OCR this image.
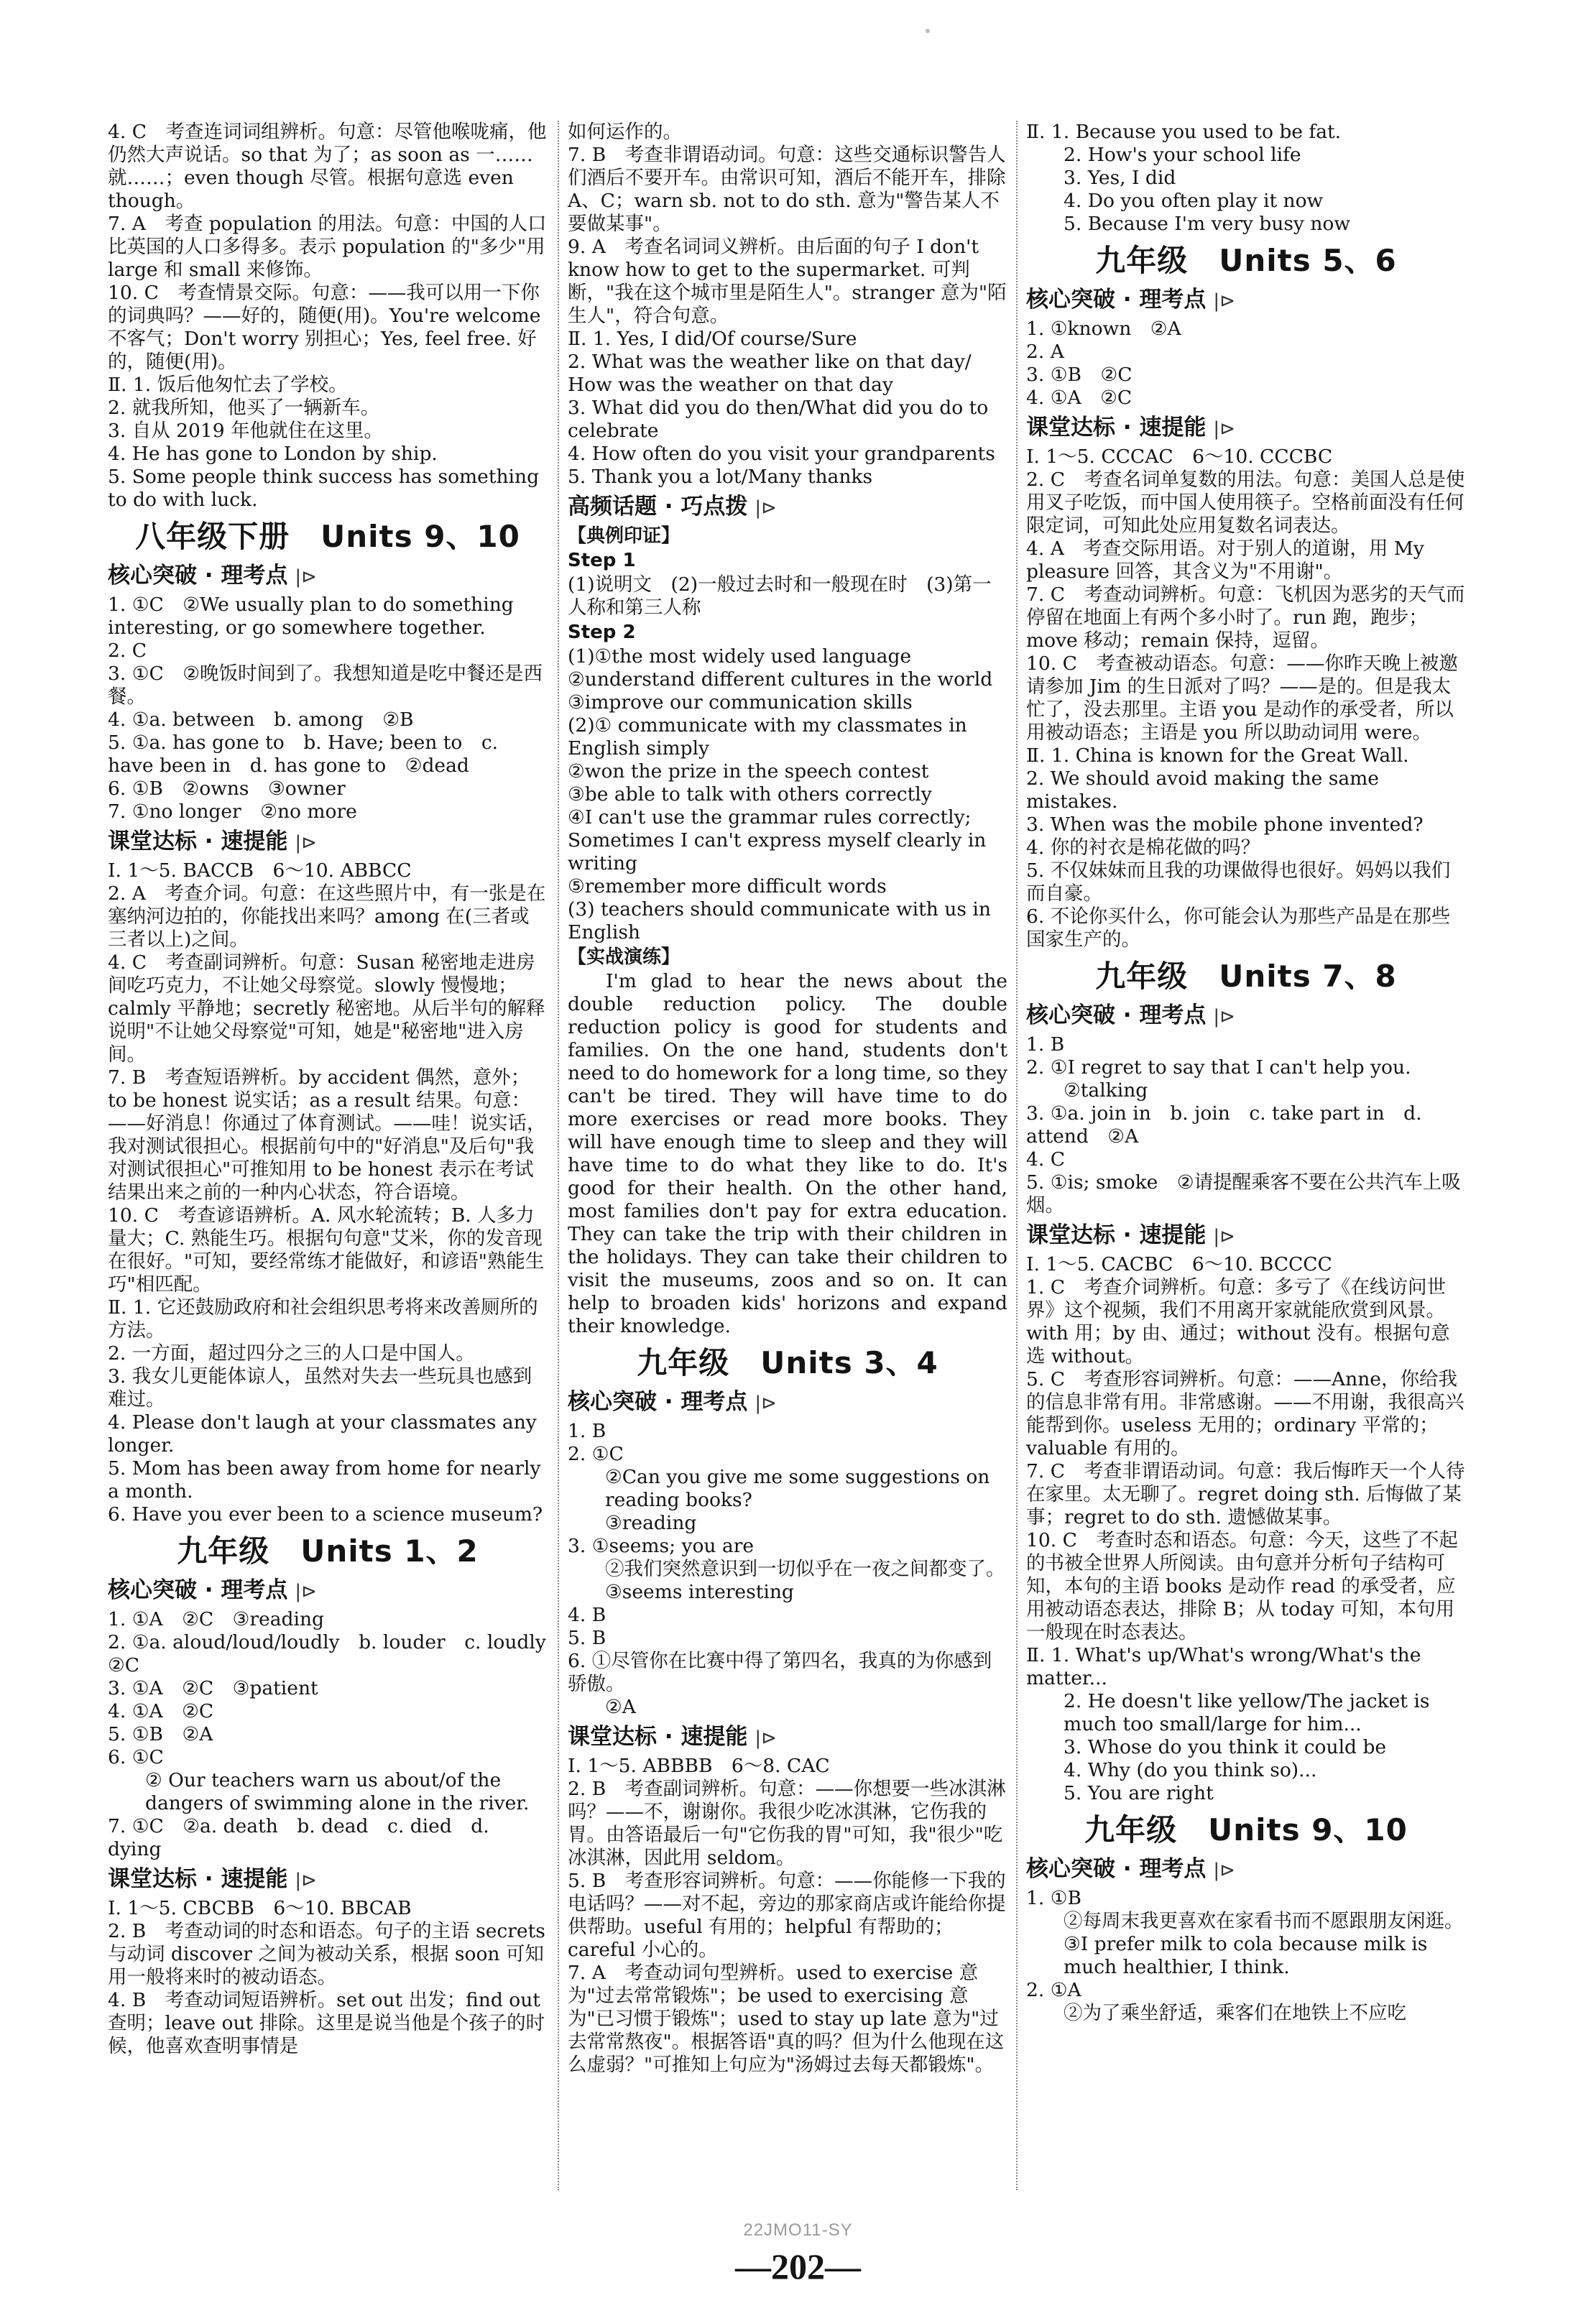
4. C　考查连词词组辨析。句意：尽管他喉咙痛，他仍然大声说话。so that 为了；as soon as 一……就……；even though 尽管。根据句意选 even though。
7. A　考查 population 的用法。句意：中国的人口比英国的人口多得多。表示 population 的"多少"用 large 和 small 来修饰。
10. C　考查情景交际。句意：——我可以用一下你的词典吗？——好的，随便(用)。You're welcome 不客气；Don't worry 别担心；Yes, feel free. 好的，随便(用)。
Ⅱ. 1. 饭后他匆忙去了学校。
2. 就我所知，他买了一辆新车。
3. 自从 2019 年他就住在这里。
4. He has gone to London by ship.
5. Some people think success has something to do with luck.
八年级下册　Units 9、10
核心突破 · 理考点 |⊳
1. ①C　②We usually plan to do something interesting, or go somewhere together.
2. C
3. ①C　②晚饭时间到了。我想知道是吃中餐还是西餐。
4. ①a. between　b. among　②B
5. ①a. has gone to　b. Have; been to　c. have been in　d. has gone to　②dead
6. ①B　②owns　③owner
7. ①no longer　②no more
课堂达标 · 速提能 |⊳
Ⅰ. 1～5. BACCB　6～10. ABBCC
2. A　考查介词。句意：在这些照片中，有一张是在塞纳河边拍的，你能找出来吗？among 在(三者或三者以上)之间。
4. C　考查副词辨析。句意：Susan 秘密地走进房间吃巧克力，不让她父母察觉。slowly 慢慢地；calmly 平静地；secretly 秘密地。从后半句的解释说明"不让她父母察觉"可知，她是"秘密地"进入房间。
7. B　考查短语辨析。by accident 偶然，意外；to be honest 说实话；as a result 结果。句意：——好消息！你通过了体育测试。——哇！说实话，我对测试很担心。根据前句中的"好消息"及后句"我对测试很担心"可推知用 to be honest 表示在考试结果出来之前的一种内心状态，符合语境。
10. C　考查谚语辨析。A. 风水轮流转；B. 人多力量大；C. 熟能生巧。根据句句意"艾米，你的发音现在很好。"可知，要经常练才能做好，和谚语"熟能生巧"相匹配。
Ⅱ. 1. 它还鼓励政府和社会组织思考将来改善厕所的方法。
2. 一方面，超过四分之三的人口是中国人。
3. 我女儿更能体谅人，虽然对失去一些玩具也感到难过。
4. Please don't laugh at your classmates any longer.
5. Mom has been away from home for nearly a month.
6. Have you ever been to a science museum?
九年级　Units 1、2
核心突破 · 理考点 |⊳
1. ①A　②C　③reading
2. ①a. aloud/loud/loudly　b. louder　c. loudly　②C
3. ①A　②C　③patient
4. ①A　②C
5. ①B　②A
6. ①C
② Our teachers warn us about/of the dangers of swimming alone in the river.
7. ①C　②a. death　b. dead　c. died　d. dying
课堂达标 · 速提能 |⊳
Ⅰ. 1～5. CBCBB　6～10. BBCAB
2. B　考查动词的时态和语态。句子的主语 secrets 与动词 discover 之间为被动关系，根据 soon 可知用一般将来时的被动语态。
4. B　考查动词短语辨析。set out 出发；find out 查明；leave out 排除。这里是说当他是个孩子的时候，他喜欢查明事情是
如何运作的。
7. B　考查非谓语动词。句意：这些交通标识警告人们酒后不要开车。由常识可知，酒后不能开车，排除 A、C；warn sb. not to do sth. 意为"警告某人不要做某事"。
9. A　考查名词词义辨析。由后面的句子 I don't know how to get to the supermarket. 可判断，"我在这个城市里是陌生人"。stranger 意为"陌生人"，符合句意。
Ⅱ. 1. Yes, I did/Of course/Sure
2. What was the weather like on that day/ How was the weather on that day
3. What did you do then/What did you do to celebrate
4. How often do you visit your grandparents
5. Thank you a lot/Many thanks
高频话题 · 巧点拨 |⊳
【典例印证】
Step 1
(1)说明文　(2)一般过去时和一般现在时　(3)第一人称和第三人称
Step 2
(1)①the most widely used language
②understand different cultures in the world
③improve our communication skills
(2)① communicate with my classmates in English simply
②won the prize in the speech contest
③be able to talk with others correctly
④I can't use the grammar rules correctly; Sometimes I can't express myself clearly in writing
⑤remember more difficult words
(3) teachers should communicate with us in English
【实战演练】
I'm glad to hear the news about the double reduction policy. The double reduction policy is good for students and families. On the one hand, students don't need to do homework for a long time, so they can't be tired. They will have time to do more exercises or read more books. They will have enough time to sleep and they will have time to do what they like to do. It's good for their health. On the other hand, most families don't pay for extra education. They can take the trip with their children in the holidays. They can take their children to visit the museums, zoos and so on. It can help to broaden kids' horizons and expand their knowledge.
九年级　Units 3、4
核心突破 · 理考点 |⊳
1. B
2. ①C
②Can you give me some suggestions on reading books?
③reading
3. ①seems; you are
②我们突然意识到一切似乎在一夜之间都变了。
③seems interesting
4. B
5. B
6. ①尽管你在比赛中得了第四名，我真的为你感到骄傲。
②A
课堂达标 · 速提能 |⊳
Ⅰ. 1～5. ABBBB　6～8. CAC
2. B　考查副词辨析。句意：——你想要一些冰淇淋吗？——不，谢谢你。我很少吃冰淇淋，它伤我的胃。由答语最后一句"它伤我的胃"可知，我"很少"吃冰淇淋，因此用 seldom。
5. B　考查形容词辨析。句意：——你能修一下我的电话吗？——对不起，旁边的那家商店或许能给你提供帮助。useful 有用的；helpful 有帮助的；careful 小心的。
7. A　考查动词句型辨析。used to exercise 意为"过去常常锻炼"；be used to exercising 意为"已习惯于锻炼"；used to stay up late 意为"过去常常熬夜"。根据答语"真的吗？但为什么他现在这么虚弱？"可推知上句应为"汤姆过去每天都锻炼"。
Ⅱ. 1. Because you used to be fat.
2. How's your school life
3. Yes, I did
4. Do you often play it now
5. Because I'm very busy now
九年级　Units 5、6
核心突破 · 理考点 |⊳
1. ①known　②A
2. A
3. ①B　②C
4. ①A　②C
课堂达标 · 速提能 |⊳
Ⅰ. 1～5. CCCAC　6～10. CCCBC
2. C　考查名词单复数的用法。句意：美国人总是使用叉子吃饭，而中国人使用筷子。空格前面没有任何限定词，可知此处应用复数名词表达。
4. A　考查交际用语。对于别人的道谢，用 My pleasure 回答，其含义为"不用谢"。
7. C　考查动词辨析。句意：飞机因为恶劣的天气而停留在地面上有两个多小时了。run 跑，跑步；move 移动；remain 保持，逗留。
10. C　考查被动语态。句意：——你昨天晚上被邀请参加 Jim 的生日派对了吗？——是的。但是我太忙了，没去那里。主语 you 是动作的承受者，所以用被动语态；主语是 you 所以助动词用 were。
Ⅱ. 1. China is known for the Great Wall.
2. We should avoid making the same mistakes.
3. When was the mobile phone invented?
4. 你的衬衣是棉花做的吗？
5. 不仅妹妹而且我的功课做得也很好。妈妈以我们而自豪。
6. 不论你买什么，你可能会认为那些产品是在那些国家生产的。
九年级　Units 7、8
核心突破 · 理考点 |⊳
1. B
2. ①I regret to say that I can't help you.
②talking
3. ①a. join in　b. join　c. take part in　d. attend　②A
4. C
5. ①is; smoke　②请提醒乘客不要在公共汽车上吸烟。
课堂达标 · 速提能 |⊳
Ⅰ. 1～5. CACBC　6～10. BCCCC
1. C　考查介词辨析。句意：多亏了《在线访问世界》这个视频，我们不用离开家就能欣赏到风景。with 用；by 由、通过；without 没有。根据句意选 without。
5. C　考查形容词辨析。句意：——Anne，你给我的信息非常有用。非常感谢。——不用谢，我很高兴能帮到你。useless 无用的；ordinary 平常的；valuable 有用的。
7. C　考查非谓语动词。句意：我后悔昨天一个人待在家里。太无聊了。regret doing sth. 后悔做了某事；regret to do sth. 遗憾做某事。
10. C　考查时态和语态。句意：今天，这些了不起的书被全世界人所阅读。由句意并分析句子结构可知，本句的主语 books 是动作 read 的承受者，应用被动语态表达，排除 B；从 today 可知，本句用一般现在时态表达。
Ⅱ. 1. What's up/What's wrong/What's the matter...
2. He doesn't like yellow/The jacket is much too small/large for him...
3. Whose do you think it could be
4. Why (do you think so)...
5. You are right
九年级　Units 9、10
核心突破 · 理考点 |⊳
1. ①B
②每周末我更喜欢在家看书而不愿跟朋友闲逛。
③I prefer milk to cola because milk is much healthier, I think.
2. ①A
②为了乘坐舒适，乘客们在地铁上不应吃
22JMO11-SY
—202—
